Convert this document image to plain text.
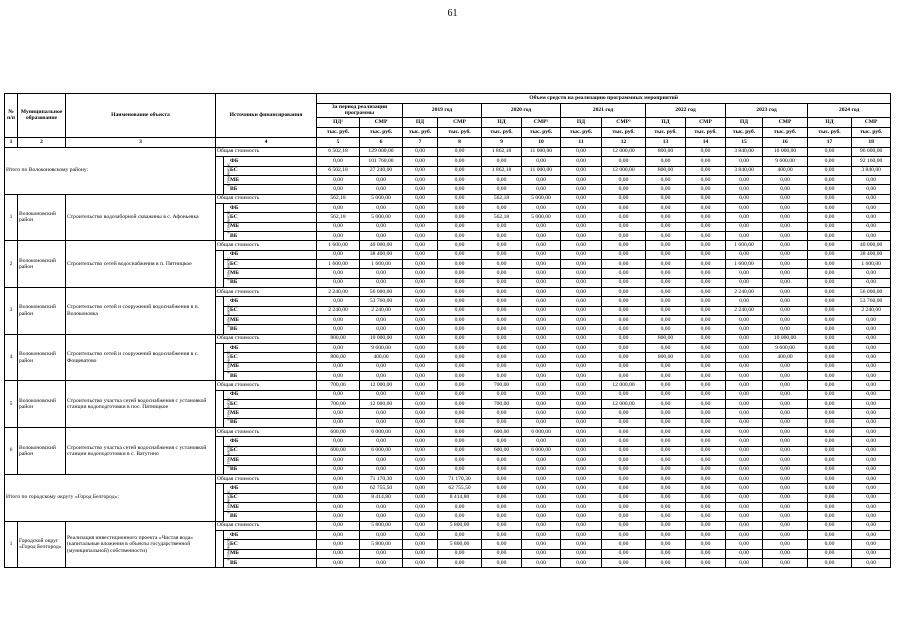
61
№ п/п	Муниципальное образование	Наименование объекта	Источники финансирования		Объем средств на реализацию программных мероприятий													
					За период реализации программы		2019 год		2020 год		2021 год		2022 год		2023 год		2024 год	
					ПД¹	СМР	ПД	СМР	ПД	СМР²	ПД	СМР³	ПД	СМР	ПД	СМР	ПД	СМР
					тыс. руб.	тыс. руб.	тыс. руб.	тыс. руб.	тыс. руб.	тыс. руб.	тыс. руб.	тыс. руб.	тыс. руб.	тыс. руб.	тыс. руб.	тыс. руб.	тыс. руб.	тыс. руб.
1	2	3	4		5	6	7	8	9	10	11	12	13	14	15	16	17	18
Итого по Волоконовскому району:			Общая стоимость		6 502,18	129 000,00	0,00	0,00	1 862,18	11 000,00	0,00	12 000,00	800,00	0,00	3 840,00	10 000,00	0,00	96 000,00
			в том числе:	ФБ	0,00	101 760,00	0,00	0,00	0,00	0,00	0,00	0,00	0,00	0,00	0,00	9 600,00	0,00	92 160,00
				БС	6 502,18	27 240,00	0,00	0,00	1 862,18	11 000,00	0,00	12 000,00	800,00	0,00	3 840,00	400,00	0,00	3 840,00
				МБ	0,00	0,00	0,00	0,00	0,00	0,00	0,00	0,00	0,00	0,00	0,00	0,00	0,00	0,00
				ВБ	0,00	0,00	0,00	0,00	0,00	0,00	0,00	0,00	0,00	0,00	0,00	0,00	0,00	0,00
1	Волоконовский район	Строительство водозаборной скважины в с. Афоньевка	Общая стоимость		562,18	5 000,00	0,00	0,00	562,18	5 000,00	0,00	0,00	0,00	0,00	0,00	0,00	0,00	0,00
			в том числе:	ФБ	0,00	0,00	0,00	0,00	0,00	0,00	0,00	0,00	0,00	0,00	0,00	0,00	0,00	0,00
				БС	562,18	5 000,00	0,00	0,00	562,18	5 000,00	0,00	0,00	0,00	0,00	0,00	0,00	0,00	0,00
				МБ	0,00	0,00	0,00	0,00	0,00	0,00	0,00	0,00	0,00	0,00	0,00	0,00	0,00	0,00
				ВБ	0,00	0,00	0,00	0,00	0,00	0,00	0,00	0,00	0,00	0,00	0,00	0,00	0,00	0,00
2	Волоконовский район	Строительство сетей водоснабжения в п. Пятницкое	Общая стоимость		1 600,00	40 000,00	0,00	0,00	0,00	0,00	0,00	0,00	0,00	0,00	1 600,00	0,00	0,00	40 000,00
			в том числе:	ФБ	0,00	38 400,00	0,00	0,00	0,00	0,00	0,00	0,00	0,00	0,00	0,00	0,00	0,00	38 400,00
				БС	1 600,00	1 600,00	0,00	0,00	0,00	0,00	0,00	0,00	0,00	0,00	1 600,00	0,00	0,00	1 600,00
				МБ	0,00	0,00	0,00	0,00	0,00	0,00	0,00	0,00	0,00	0,00	0,00	0,00	0,00	0,00
				ВБ	0,00	0,00	0,00	0,00	0,00	0,00	0,00	0,00	0,00	0,00	0,00	0,00	0,00	0,00
3	Волоконовский район	Строительство сетей и сооружений водоснабжения в п. Волоконовка	Общая стоимость		2 240,00	56 000,00	0,00	0,00	0,00	0,00	0,00	0,00	0,00	0,00	2 240,00	0,00	0,00	56 000,00
			в том числе:	ФБ	0,00	53 760,00	0,00	0,00	0,00	0,00	0,00	0,00	0,00	0,00	0,00	0,00	0,00	53 760,00
				БС	2 240,00	2 240,00	0,00	0,00	0,00	0,00	0,00	0,00	0,00	0,00	2 240,00	0,00	0,00	2 240,00
				МБ	0,00	0,00	0,00	0,00	0,00	0,00	0,00	0,00	0,00	0,00	0,00	0,00	0,00	0,00
				ВБ	0,00	0,00	0,00	0,00	0,00	0,00	0,00	0,00	0,00	0,00	0,00	0,00	0,00	0,00
4	Волоконовский район	Строительство сетей и сооружений водоснабжения в с. Фощеватово	Общая стоимость		800,00	10 000,00	0,00	0,00	0,00	0,00	0,00	0,00	800,00	0,00	0,00	10 000,00	0,00	0,00
			в том числе:	ФБ	0,00	9 600,00	0,00	0,00	0,00	0,00	0,00	0,00	0,00	0,00	0,00	9 600,00	0,00	0,00
				БС	800,00	400,00	0,00	0,00	0,00	0,00	0,00	0,00	800,00	0,00	0,00	400,00	0,00	0,00
				МБ	0,00	0,00	0,00	0,00	0,00	0,00	0,00	0,00	0,00	0,00	0,00	0,00	0,00	0,00
				ВБ	0,00	0,00	0,00	0,00	0,00	0,00	0,00	0,00	0,00	0,00	0,00	0,00	0,00	0,00
5	Волоконовский район	Строительство участка сетей водоснабжения с установкой станции водоподготовки в пос. Пятницкое	Общая стоимость		700,00	12 000,00	0,00	0,00	700,00	0,00	0,00	12 000,00	0,00	0,00	0,00	0,00	0,00	0,00
			в том числе:	ФБ	0,00	0,00	0,00	0,00	0,00	0,00	0,00	0,00	0,00	0,00	0,00	0,00	0,00	0,00
				БС	700,00	12 000,00	0,00	0,00	700,00	0,00	0,00	12 000,00	0,00	0,00	0,00	0,00	0,00	0,00
				МБ	0,00	0,00	0,00	0,00	0,00	0,00	0,00	0,00	0,00	0,00	0,00	0,00	0,00	0,00
				ВБ	0,00	0,00	0,00	0,00	0,00	0,00	0,00	0,00	0,00	0,00	0,00	0,00	0,00	0,00
6	Волоконовский район	Строительство участка сетей водоснабжения с установкой станции водоподготовки в с. Ватутино	Общая стоимость		600,00	6 000,00	0,00	0,00	600,00	6 000,00	0,00	0,00	0,00	0,00	0,00	0,00	0,00	0,00
			в том числе:	ФБ	0,00	0,00	0,00	0,00	0,00	0,00	0,00	0,00	0,00	0,00	0,00	0,00	0,00	0,00
				БС	600,00	6 000,00	0,00	0,00	600,00	6 000,00	0,00	0,00	0,00	0,00	0,00	0,00	0,00	0,00
				МБ	0,00	0,00	0,00	0,00	0,00	0,00	0,00	0,00	0,00	0,00	0,00	0,00	0,00	0,00
				ВБ	0,00	0,00	0,00	0,00	0,00	0,00	0,00	0,00	0,00	0,00	0,00	0,00	0,00	0,00
Итого по городскому округу «Город Белгород»:			Общая стоимость		0,00	71 170,30	0,00	71 170,30	0,00	0,00	0,00	0,00	0,00	0,00	0,00	0,00	0,00	0,00
			в том числе:	ФБ	0,00	62 755,50	0,00	62 755,50	0,00	0,00	0,00	0,00	0,00	0,00	0,00	0,00	0,00	0,00
				БС	0,00	8 414,80	0,00	8 414,80	0,00	0,00	0,00	0,00	0,00	0,00	0,00	0,00	0,00	0,00
				МБ	0,00	0,00	0,00	0,00	0,00	0,00	0,00	0,00	0,00	0,00	0,00	0,00	0,00	0,00
				ВБ	0,00	0,00	0,00	0,00	0,00	0,00	0,00	0,00	0,00	0,00	0,00	0,00	0,00	0,00
1	Городской округ «Город Белгород»	Реализация инвестиционного проекта «Чистая вода» (капитальные вложения в объекты государственной (муниципальной) собственности)	Общая стоимость		0,00	5 800,00	0,00	5 800,00	0,00	0,00	0,00	0,00	0,00	0,00	0,00	0,00	0,00	0,00
			в том числе:	ФБ	0,00	0,00	0,00	0,00	0,00	0,00	0,00	0,00	0,00	0,00	0,00	0,00	0,00	0,00
				БС	0,00	5 800,00	0,00	5 800,00	0,00	0,00	0,00	0,00	0,00	0,00	0,00	0,00	0,00	0,00
				МБ	0,00	0,00	0,00	0,00	0,00	0,00	0,00	0,00	0,00	0,00	0,00	0,00	0,00	0,00
				ВБ	0,00	0,00	0,00	0,00	0,00	0,00	0,00	0,00	0,00	0,00	0,00	0,00	0,00	0,00
